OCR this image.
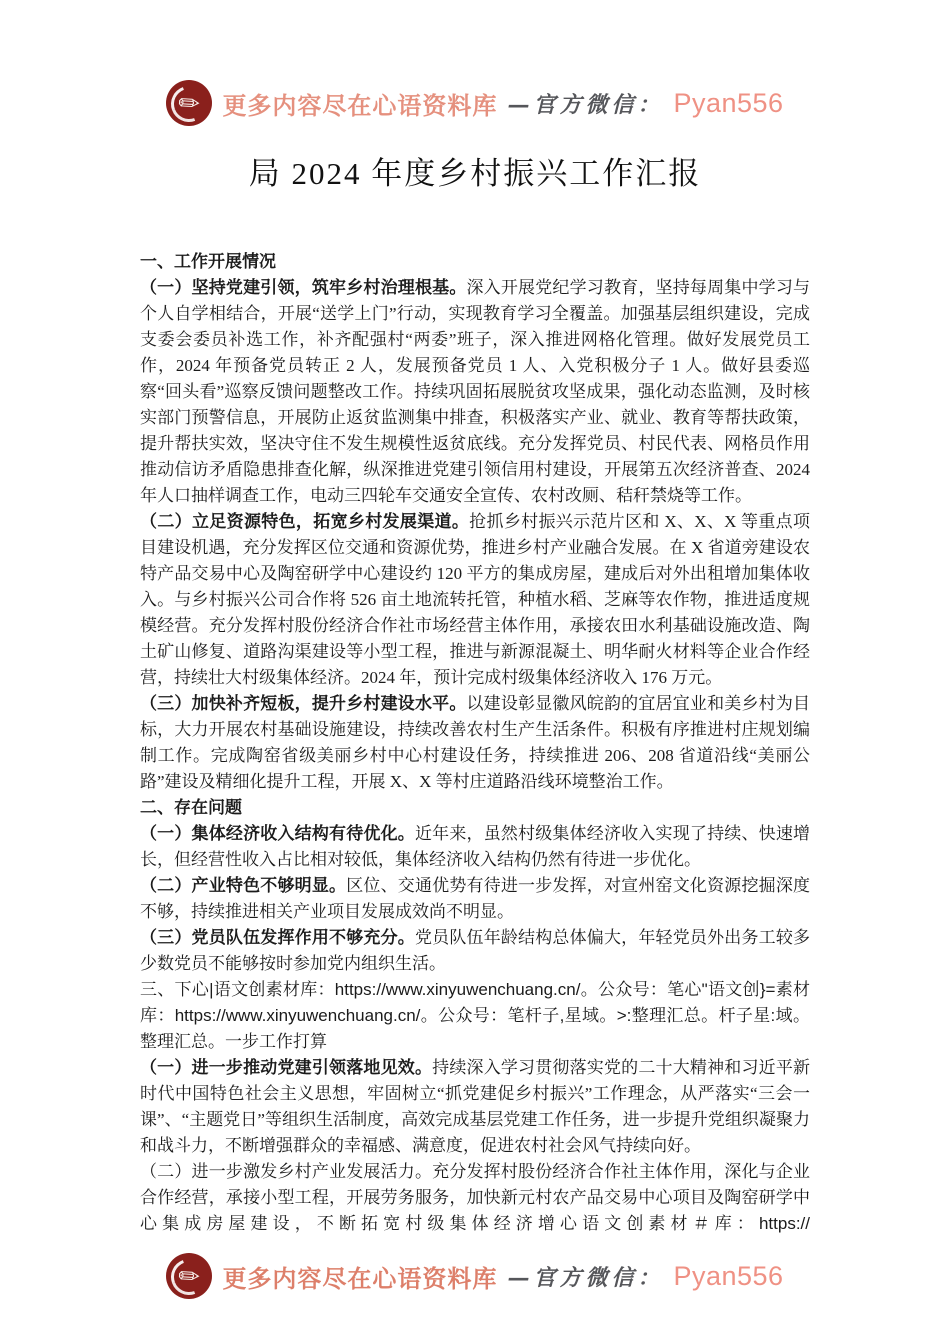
✎ 更多内容尽在心语资料库 —官方微信： Pyan556
局 2024 年度乡村振兴工作汇报

一、工作开展情况

（一）坚持党建引领，筑牢乡村治理根基。深入开展党纪学习教育，坚持每周集中学习与个人自学相结合，开展“送学上门”行动，实现教育学习全覆盖。加强基层组织建设，完成支委会委员补选工作，补齐配强村“两委”班子，深入推进网格化管理。做好发展党员工作，2024 年预备党员转正 2 人，发展预备党员 1 人、入党积极分子 1 人。做好县委巡察“回头看”巡察反馈问题整改工作。持续巩固拓展脱贫攻坚成果，强化动态监测，及时核实部门预警信息，开展防止返贫监测集中排查，积极落实产业、就业、教育等帮扶政策，提升帮扶实效，坚决守住不发生规模性返贫底线。充分发挥党员、村民代表、网格员作用推动信访矛盾隐患排查化解，纵深推进党建引领信用村建设，开展第五次经济普查、2024 年人口抽样调查工作，电动三四轮车交通安全宣传、农村改厕、秸秆禁烧等工作。

（二）立足资源特色，拓宽乡村发展渠道。抢抓乡村振兴示范片区和 X、X、X 等重点项目建设机遇，充分发挥区位交通和资源优势，推进乡村产业融合发展。在 X 省道旁建设农特产品交易中心及陶窑研学中心建设约 120 平方的集成房屋，建成后对外出租增加集体收入。与乡村振兴公司合作将 526 亩土地流转托管，种植水稻、芝麻等农作物，推进适度规模经营。充分发挥村股份经济合作社市场经营主体作用，承接农田水利基础设施改造、陶土矿山修复、道路沟渠建设等小型工程，推进与新源混凝土、明华耐火材料等企业合作经营，持续壮大村级集体经济。2024 年，预计完成村级集体经济收入 176 万元。

（三）加快补齐短板，提升乡村建设水平。以建设彰显徽风皖韵的宜居宜业和美乡村为目标，大力开展农村基础设施建设，持续改善农村生产生活条件。积极有序推进村庄规划编制工作。完成陶窑省级美丽乡村中心村建设任务，持续推进 206、208 省道沿线“美丽公路”建设及精细化提升工程，开展 X、X 等村庄道路沿线环境整治工作。

二、存在问题

（一）集体经济收入结构有待优化。近年来，虽然村级集体经济收入实现了持续、快速增长，但经营性收入占比相对较低，集体经济收入结构仍然有待进一步优化。

（二）产业特色不够明显。区位、交通优势有待进一步发挥，对宣州窑文化资源挖掘深度不够，持续推进相关产业项目发展成效尚不明显。

（三）党员队伍发挥作用不够充分。党员队伍年龄结构总体偏大，年轻党员外出务工较多少数党员不能够按时参加党内组织生活。

三、下心|语文创素材库：https://www.xinyuwenchuang.cn/。公众号：笔心"语文创}=素材库：https://www.xinyuwenchuang.cn/。公众号：笔杆子,星域。>:整理汇总。杆子星:域。整理汇总。一步工作打算

（一）进一步推动党建引领落地见效。持续深入学习贯彻落实党的二十大精神和习近平新时代中国特色社会主义思想，牢固树立“抓党建促乡村振兴”工作理念，从严落实“三会一课”、“主题党日”等组织生活制度，高效完成基层党建工作任务，进一步提升党组织凝聚力和战斗力，不断增强群众的幸福感、满意度，促进农村社会风气持续向好。

（二）进一步激发乡村产业发展活力。充分发挥村股份经济合作社主体作用，深化与企业合作经营，承接小型工程，开展劳务服务，加快新元村农产品交易中心项目及陶窑研学中心集成房屋建设，不断拓宽村级集体经济增心语文创素材＃库：https://

✎ 更多内容尽在心语资料库 —官方微信： Pyan556
